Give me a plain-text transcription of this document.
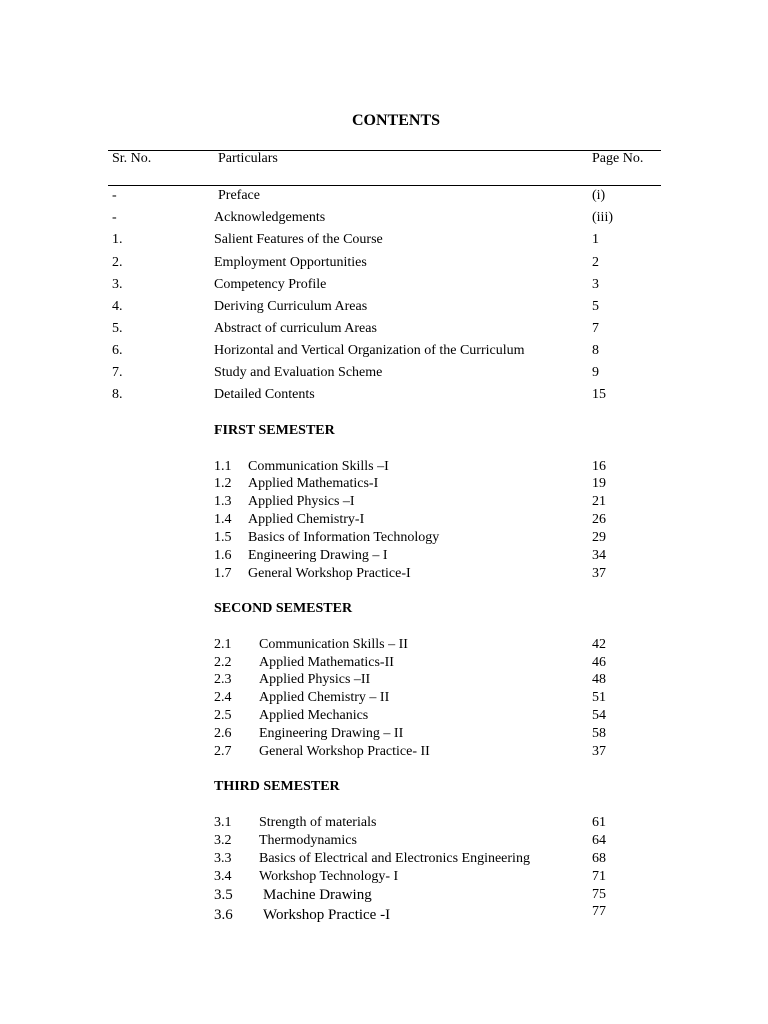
CONTENTS
Sr. No.	Particulars	Page No.
-	Preface	(i)
-	Acknowledgements	(iii)
1.	Salient Features of the Course	1
2.	Employment Opportunities	2
3.	Competency Profile	3
4.	Deriving Curriculum Areas	5
5.	Abstract of curriculum Areas	7
6.	Horizontal and Vertical Organization of the Curriculum	8
7.	Study and Evaluation Scheme	9
8.	Detailed Contents	15
FIRST SEMESTER
1.1 Communication Skills –I	16
1.2 Applied Mathematics-I	19
1.3 Applied Physics –I	21
1.4 Applied Chemistry-I	26
1.5 Basics of Information Technology	29
1.6 Engineering Drawing – I	34
1.7 General Workshop Practice-I	37
SECOND SEMESTER
2.1 Communication Skills – II	42
2.2 Applied Mathematics-II	46
2.3 Applied Physics –II	48
2.4 Applied Chemistry – II	51
2.5 Applied Mechanics	54
2.6 Engineering Drawing – II	58
2.7 General Workshop Practice- II	37
THIRD SEMESTER
3.1 Strength of materials	61
3.2 Thermodynamics	64
3.3 Basics of Electrical and Electronics Engineering	68
3.4 Workshop Technology- I	71
3.5 Machine Drawing	75
3.6 Workshop Practice -I	77
